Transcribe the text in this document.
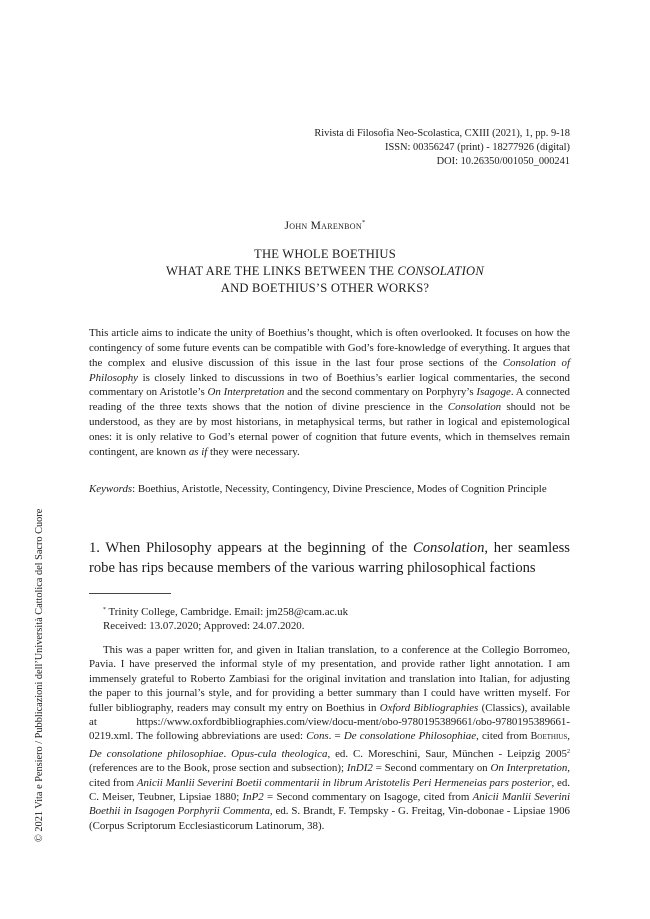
Rivista di Filosofia Neo-Scolastica, CXIII (2021), 1, pp. 9-18
ISSN: 00356247 (print) - 18277926 (digital)
DOI: 10.26350/001050_000241
John Marenbon*
THE WHOLE BOETHIUS
WHAT ARE THE LINKS BETWEEN THE CONSOLATION
AND BOETHIUS’S OTHER WORKS?

This article aims to indicate the unity of Boethius’s thought, which is often overlooked. It focuses on how the contingency of some future events can be compatible with God’s fore-knowledge of everything. It argues that the complex and elusive discussion of this issue in the last four prose sections of the Consolation of Philosophy is closely linked to discussions in two of Boethius’s earlier logical commentaries, the second commentary on Aristotle’s On Interpretation and the second commentary on Porphyry’s Isagoge. A connected reading of the three texts shows that the notion of divine prescience in the Consolation should not be understood, as they are by most historians, in metaphysical terms, but rather in logical and epistemological ones: it is only relative to God’s eternal power of cognition that future events, which in themselves remain contingent, are known as if they were necessary.

Keywords: Boethius, Aristotle, Necessity, Contingency, Divine Prescience, Modes of Cognition Principle

1. When Philosophy appears at the beginning of the Consolation, her seamless robe has rips because members of the various warring philosophical factions

* Trinity College, Cambridge. Email: jm258@cam.ac.uk
Received: 13.07.2020; Approved: 24.07.2020.

This was a paper written for, and given in Italian translation, to a conference at the Collegio Borromeo, Pavia. I have preserved the informal style of my presentation, and provide rather light annotation. I am immensely grateful to Roberto Zambiasi for the original invitation and translation into Italian, for adjusting the paper to this journal’s style, and for providing a better summary than I could have written myself. For fuller bibliography, readers may consult my entry on Boethius in Oxford Bibliographies (Classics), available at https://www.oxfordbibliographies.com/view/docu-ment/obo-9780195389661/obo-9780195389661-0219.xml. The following abbreviations are used: Cons. = De consolatione Philosophiae, cited from Boethius, De consolatione philosophiae. Opus-cula theologica, ed. C. Moreschini, Saur, München - Leipzig 2005$^2$ (references are to the Book, prose section and subsection); InDI2 = Second commentary on On Interpretation, cited from Anicii Manlii Severini Boetii commentarii in librum Aristotelis Peri Hermeneias pars posterior, ed. C. Meiser, Teubner, Lipsiae 1880; InP2 = Second commentary on Isagoge, cited from Anicii Manlii Severini Boethii in Isagogen Porphyrii Commenta, ed. S. Brandt, F. Tempsky - G. Freitag, Vin-dobonae - Lipsiae 1906 (Corpus Scriptorum Ecclesiasticorum Latinorum, 38).

© 2021 Vita e Pensiero / Pubblicazioni dell’Università Cattolica del Sacro Cuore
